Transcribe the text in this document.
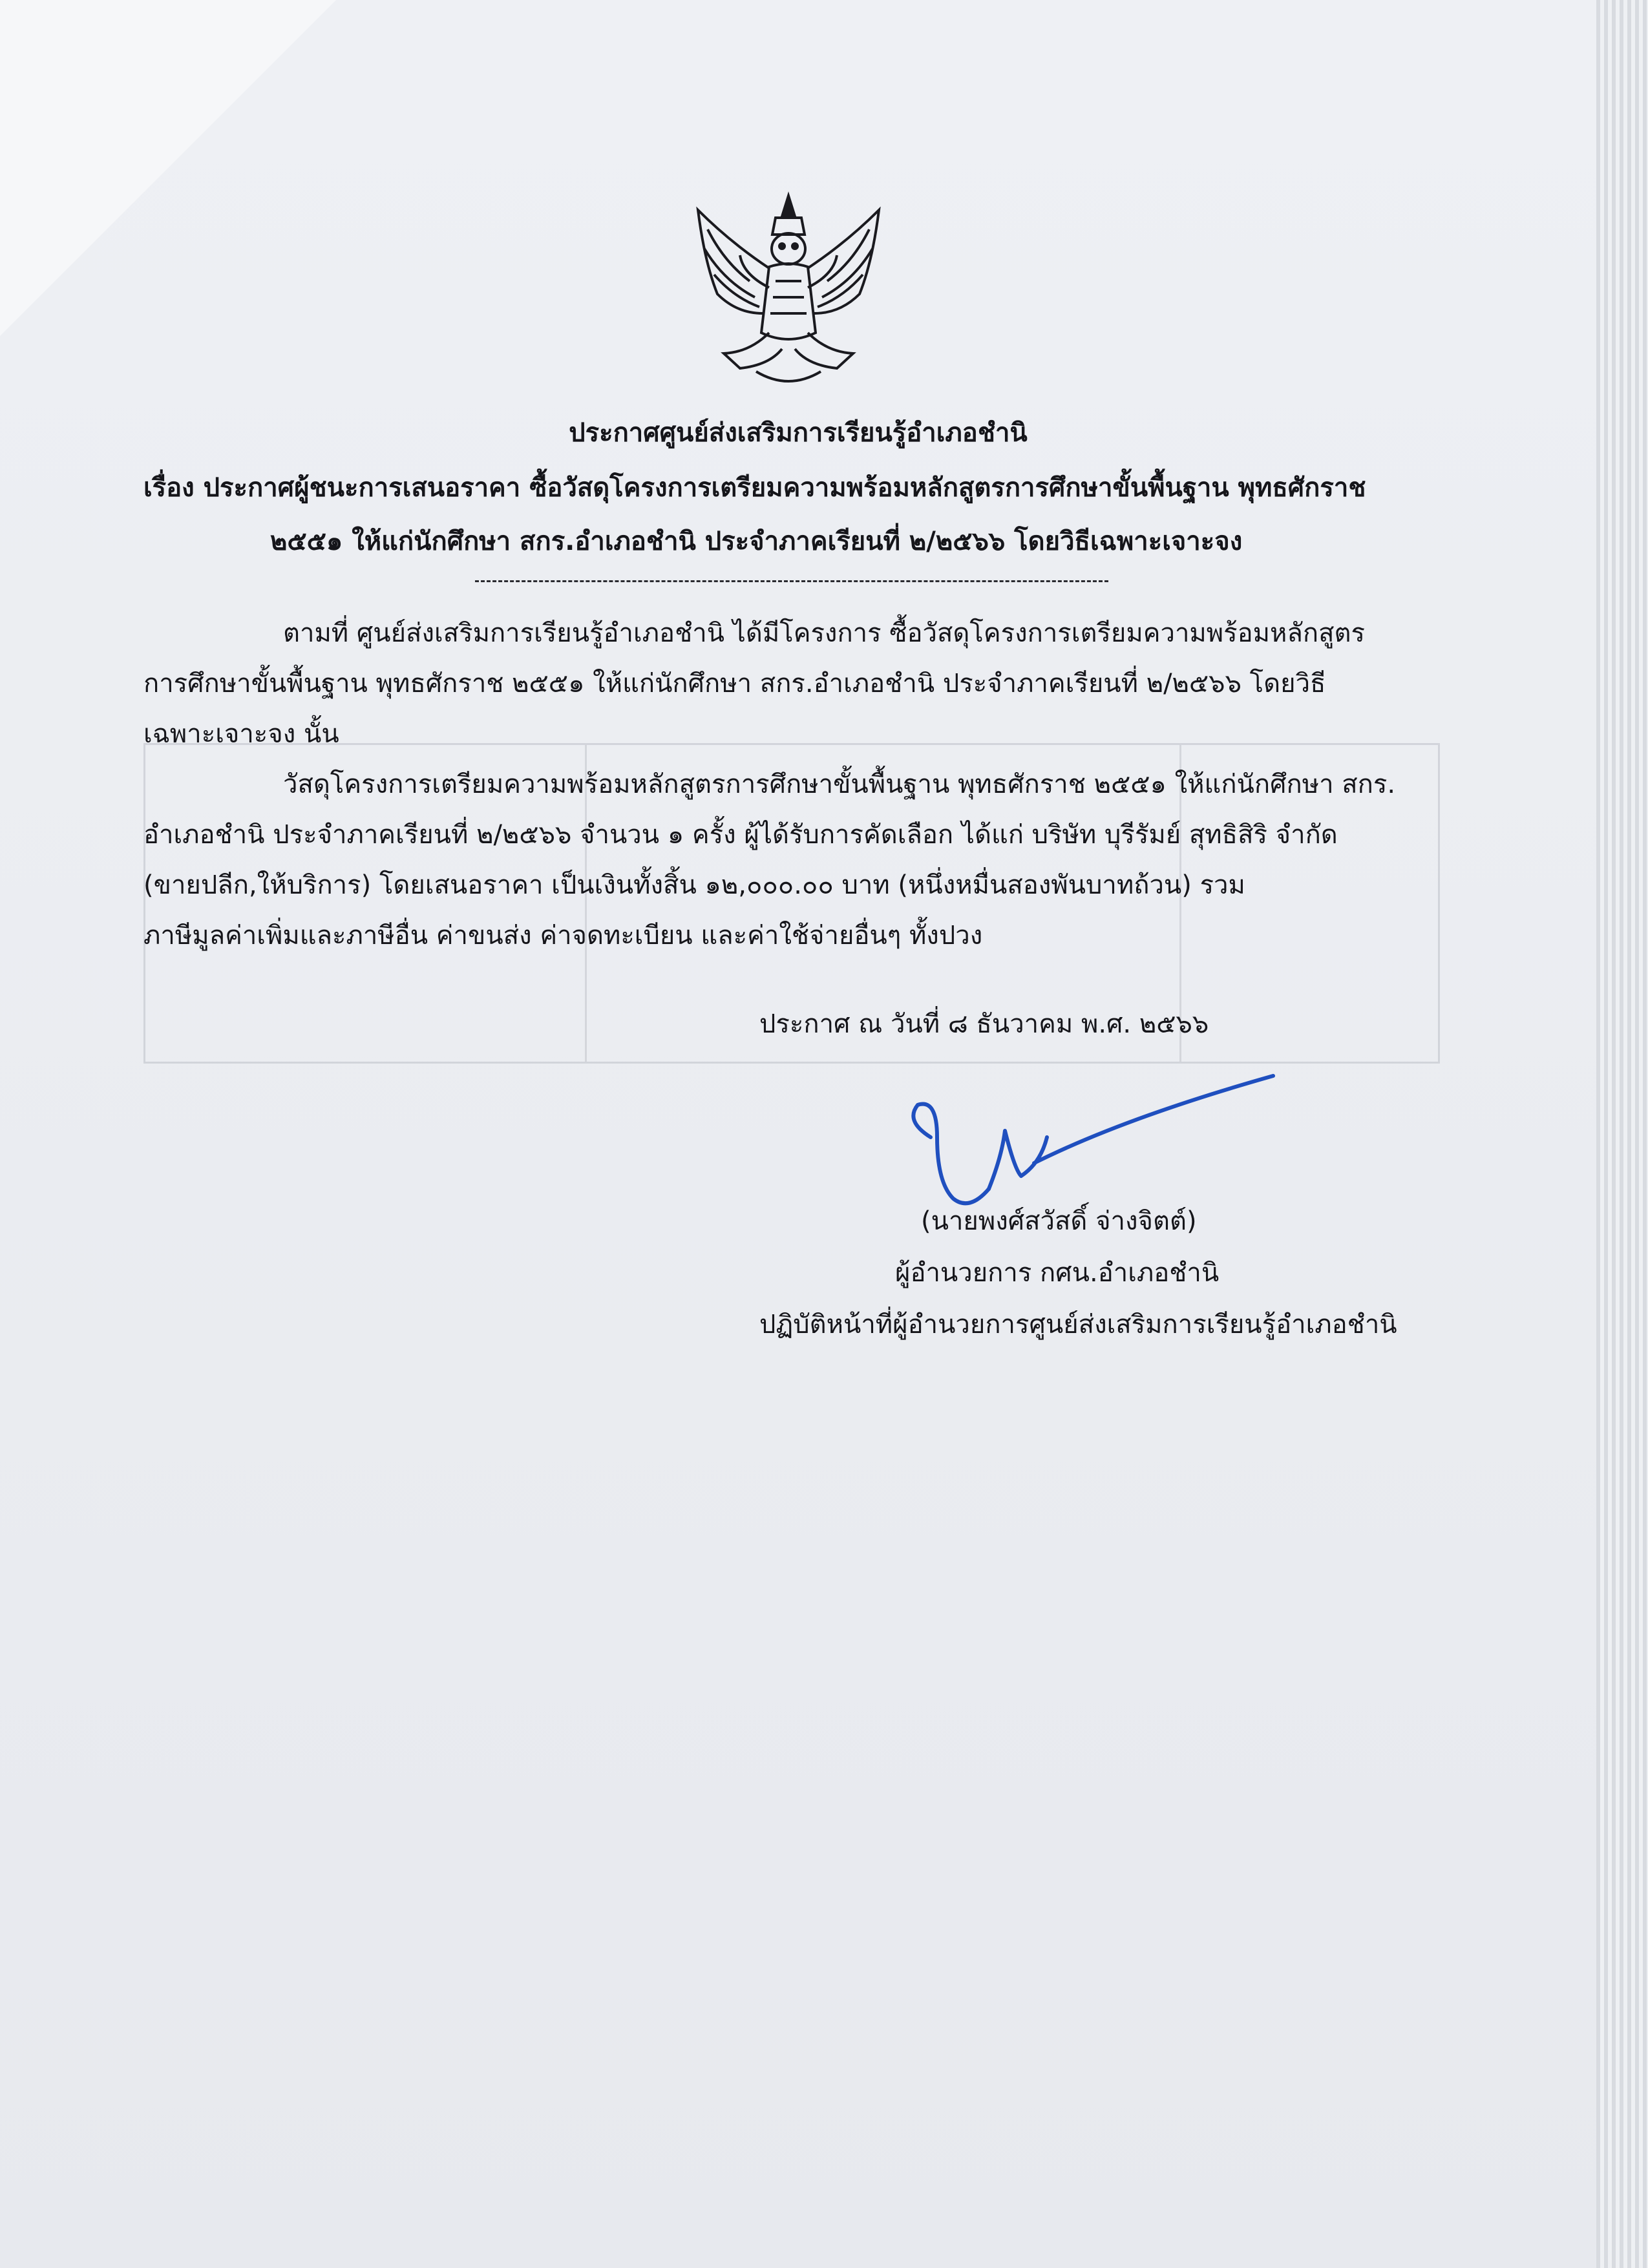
ประกาศศูนย์ส่งเสริมการเรียนรู้อำเภอชำนิ
เรื่อง ประกาศผู้ชนะการเสนอราคา ซื้อวัสดุโครงการเตรียมความพร้อมหลักสูตรการศึกษาขั้นพื้นฐาน พุทธศักราช
๒๕๕๑ ให้แก่นักศึกษา สกร.อำเภอชำนิ ประจำภาคเรียนที่ ๒/๒๕๖๖ โดยวิธีเฉพาะเจาะจง
ตามที่ ศูนย์ส่งเสริมการเรียนรู้อำเภอชำนิ ได้มีโครงการ ซื้อวัสดุโครงการเตรียมความพร้อมหลักสูตร
การศึกษาขั้นพื้นฐาน พุทธศักราช ๒๕๕๑ ให้แก่นักศึกษา สกร.อำเภอชำนิ ประจำภาคเรียนที่ ๒/๒๕๖๖ โดยวิธี
เฉพาะเจาะจง นั้น
วัสดุโครงการเตรียมความพร้อมหลักสูตรการศึกษาขั้นพื้นฐาน พุทธศักราช ๒๕๕๑ ให้แก่นักศึกษา สกร.
อำเภอชำนิ ประจำภาคเรียนที่ ๒/๒๕๖๖ จำนวน ๑ ครั้ง ผู้ได้รับการคัดเลือก ได้แก่ บริษัท บุรีรัมย์ สุทธิสิริ จำกัด
(ขายปลีก,ให้บริการ) โดยเสนอราคา เป็นเงินทั้งสิ้น ๑๒,๐๐๐.๐๐ บาท (หนึ่งหมื่นสองพันบาทถ้วน) รวม
ภาษีมูลค่าเพิ่มและภาษีอื่น ค่าขนส่ง ค่าจดทะเบียน และค่าใช้จ่ายอื่นๆ ทั้งปวง
ประกาศ ณ วันที่ ๘ ธันวาคม พ.ศ. ๒๕๖๖
(นายพงศ์สวัสดิ์ จ่างจิตต์)
ผู้อำนวยการ กศน.อำเภอชำนิ
ปฏิบัติหน้าที่ผู้อำนวยการศูนย์ส่งเสริมการเรียนรู้อำเภอชำนิ
